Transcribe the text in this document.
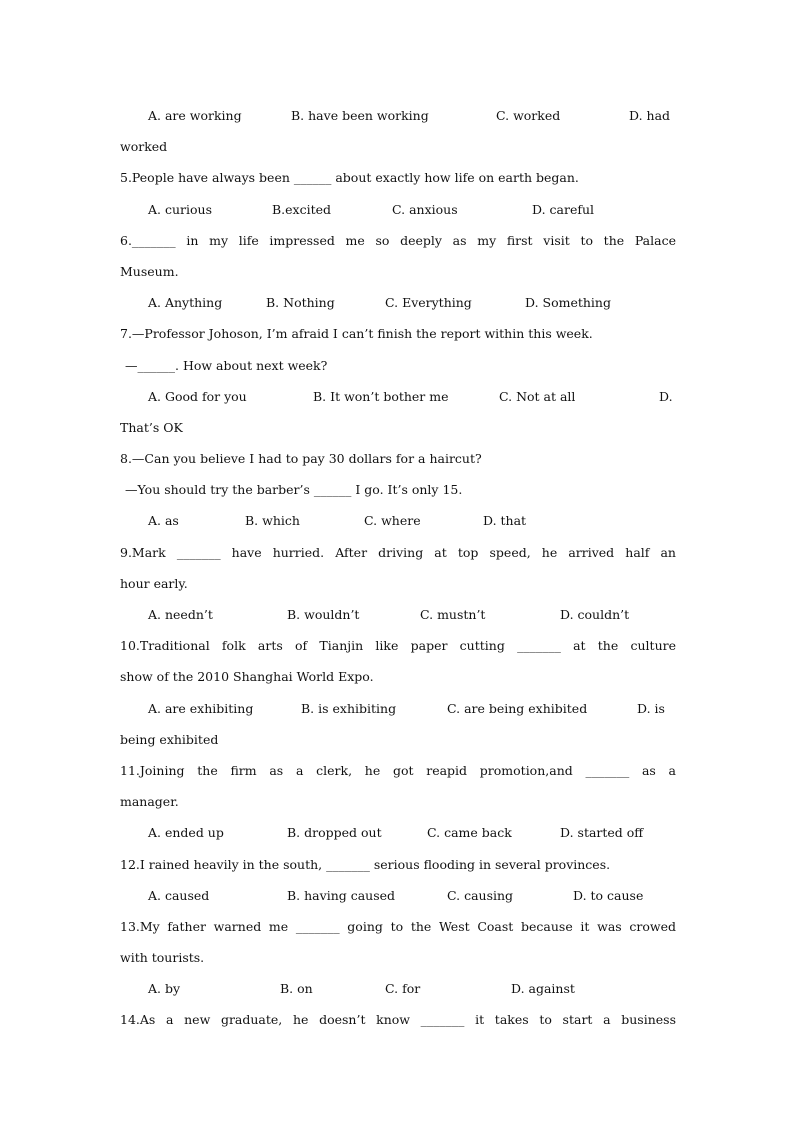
A. are working	B. have been working	C. worked	D. had
worked
5.People have always been ______ about exactly how life on earth began.
A. curious	B.excited	C. anxious	D. careful
6._______ in my life impressed me so deeply as my first visit to the Palace
Museum.
A. Anything	B. Nothing	C. Everything	D. Something
7.—Professor Johoson, I’m afraid I can’t finish the report within this week.
—______. How about next week?
A. Good for you	B. It won’t bother me	C. Not at all	D.
That’s OK
8.—Can you believe I had to pay 30 dollars for a haircut?
—You should try the barber’s ______ I go. It’s only 15.
A. as	B. which	C. where	D. that
9.Mark _______ have hurried. After driving at top speed, he arrived half an
hour early.
A. needn’t	B. wouldn’t	C. mustn’t	D. couldn’t
10.Traditional folk arts of Tianjin like paper cutting _______ at the culture
show of the 2010 Shanghai World Expo.
A. are exhibiting	B. is exhibiting	C. are being exhibited	D. is
being exhibited
11.Joining the firm as a clerk, he got reapid promotion,and _______ as a
manager.
A. ended up	B. dropped out	C. came back	D. started off
12.I rained heavily in the south, _______ serious flooding in several provinces.
A. caused	B. having caused	C. causing	D. to cause
13.My father warned me _______ going to the West Coast because it was crowed
with tourists.
A. by	B. on	C. for	D. against
14.As a new graduate, he doesn’t know _______ it takes to start a business
